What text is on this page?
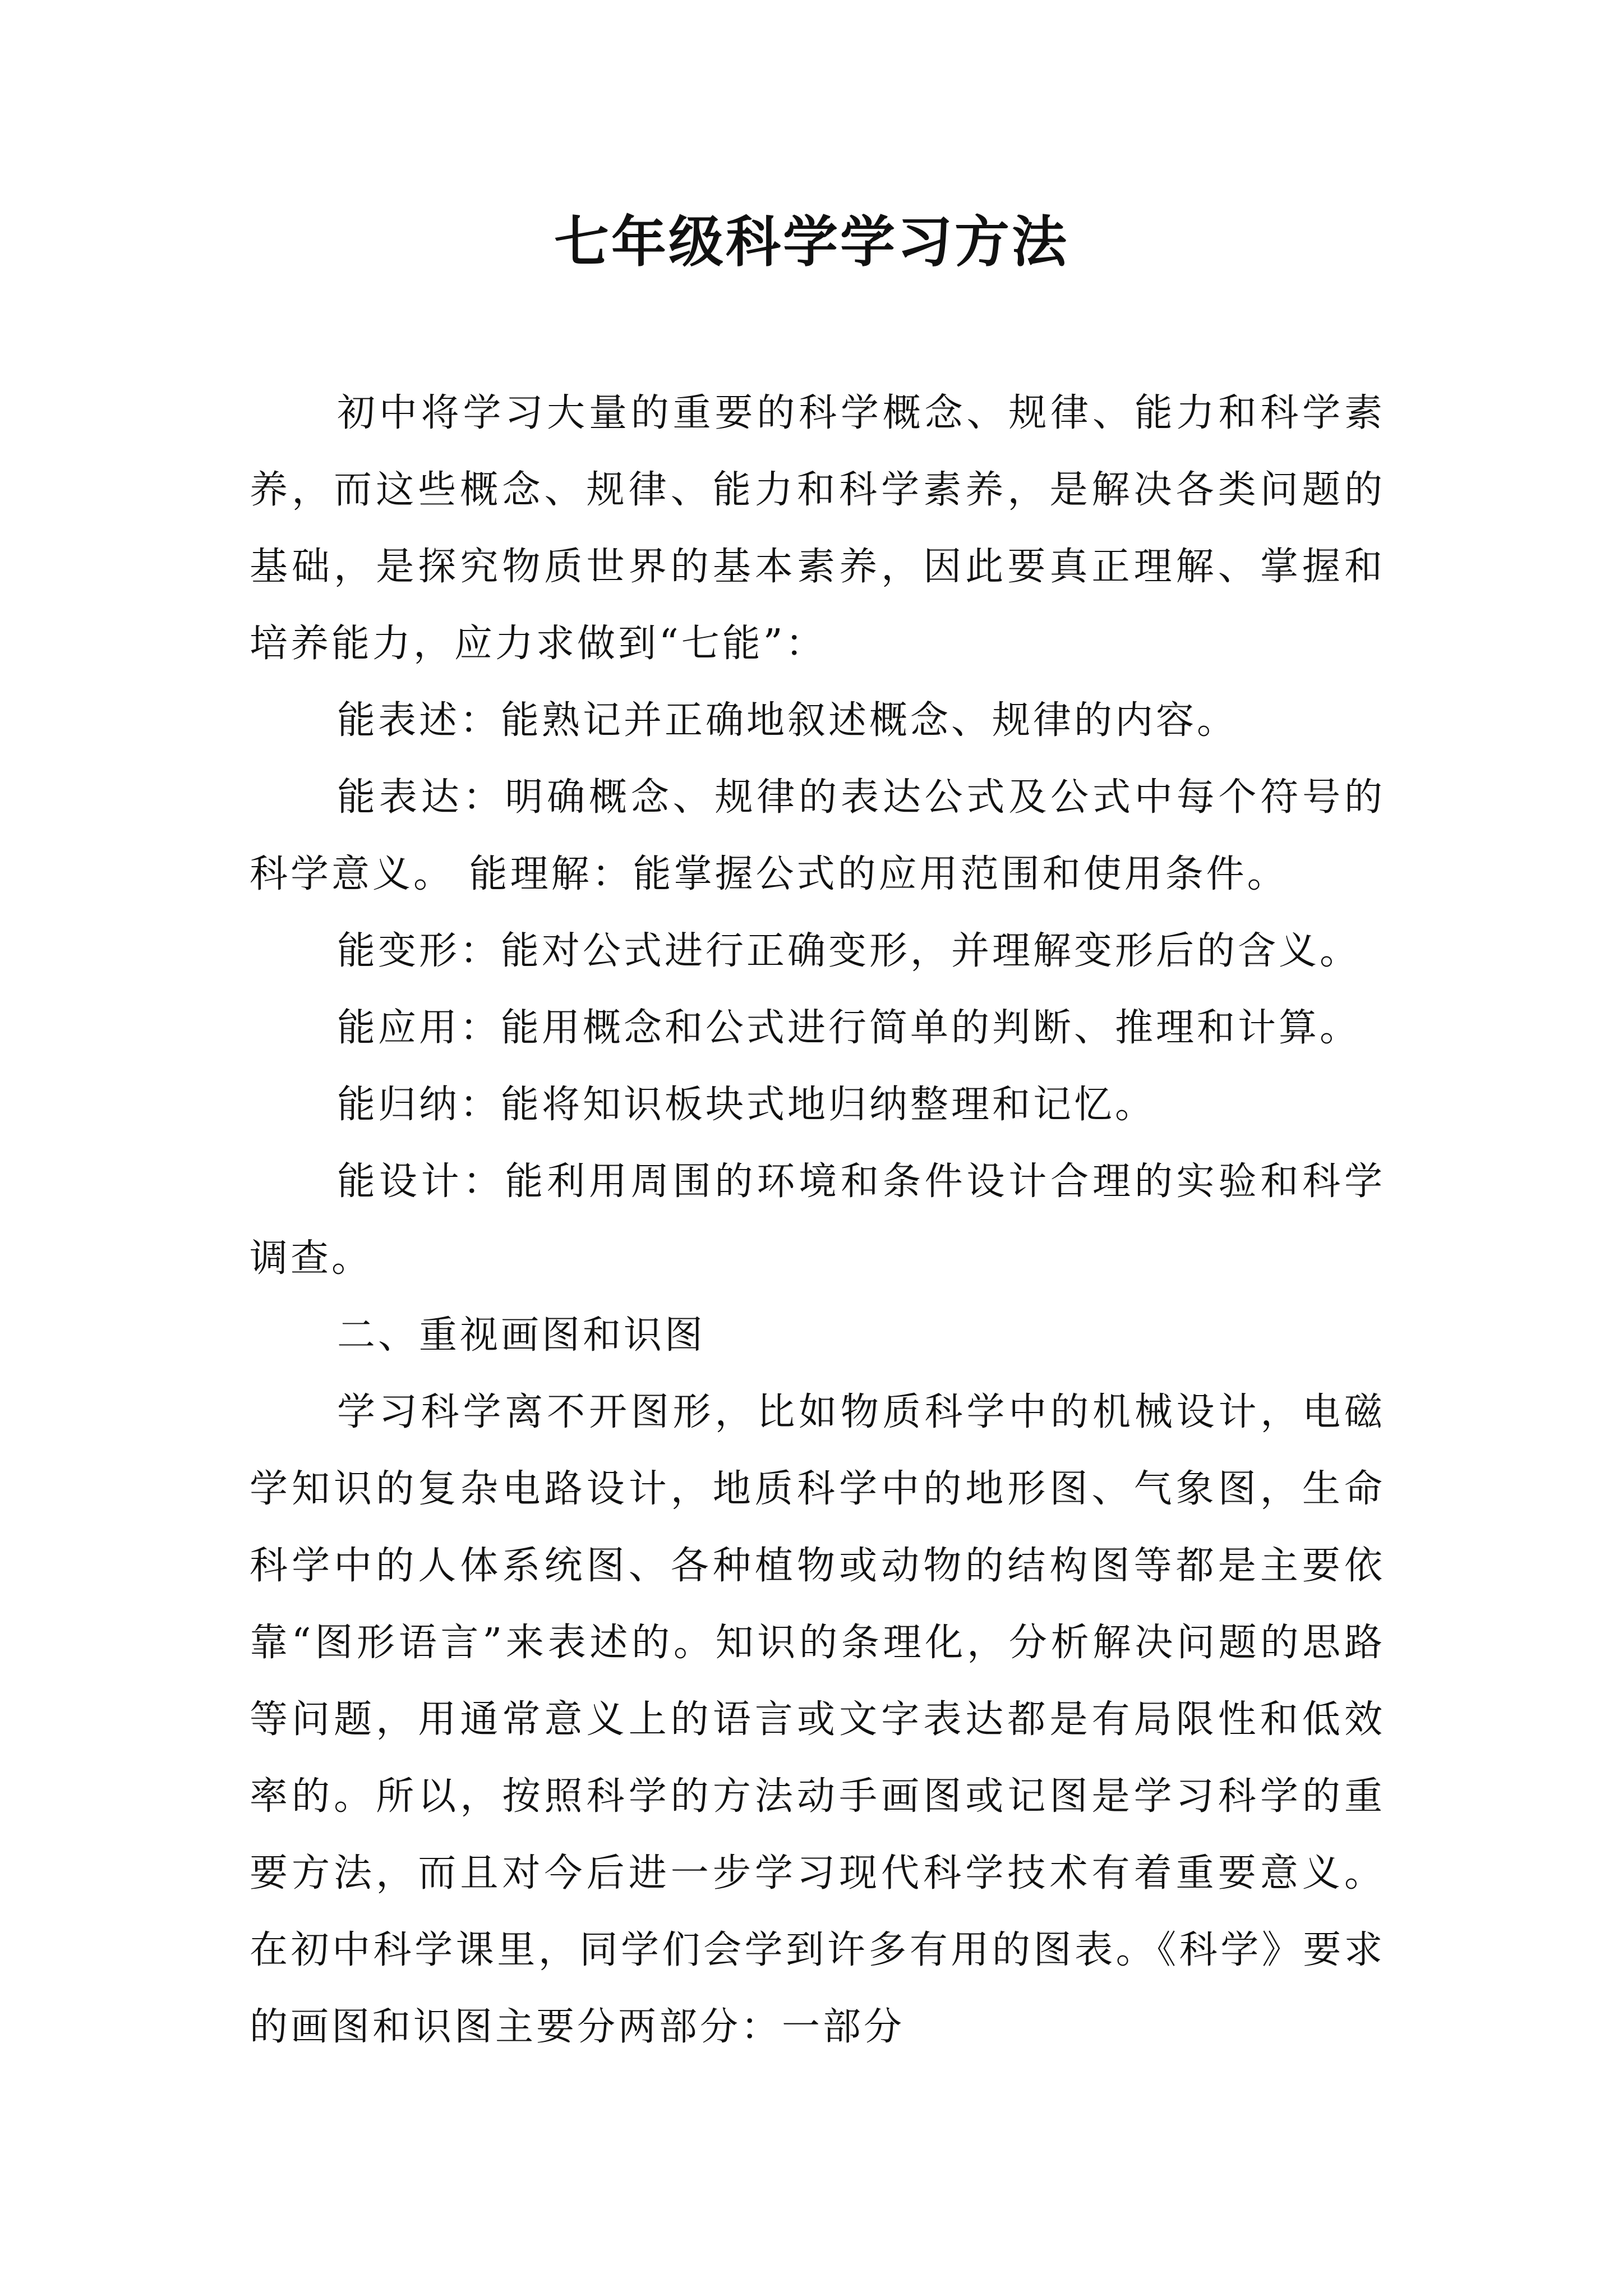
七年级科学学习方法

初中将学习大量的重要的科学概念、规律、能力和科学素养，而这些概念、规律、能力和科学素养，是解决各类问题的基础，是探究物质世界的基本素养，因此要真正理解、掌握和培养能力，应力求做到“七能”：

能表述：能熟记并正确地叙述概念、规律的内容。

能表达：明确概念、规律的表达公式及公式中每个符号的科学意义。 能理解：能掌握公式的应用范围和使用条件。

能变形：能对公式进行正确变形，并理解变形后的含义。

能应用：能用概念和公式进行简单的判断、推理和计算。

能归纳：能将知识板块式地归纳整理和记忆。

能设计：能利用周围的环境和条件设计合理的实验和科学调查。

二、重视画图和识图

学习科学离不开图形，比如物质科学中的机械设计，电磁学知识的复杂电路设计，地质科学中的地形图、气象图，生命科学中的人体系统图、各种植物或动物的结构图等都是主要依靠“图形语言”来表述的。知识的条理化，分析解决问题的思路等问题，用通常意义上的语言或文字表达都是有局限性和低效率的。所以，按照科学的方法动手画图或记图是学习科学的重要方法，而且对今后进一步学习现代科学技术有着重要意义。在初中科学课里，同学们会学到许多有用的图表。《科学》要求的画图和识图主要分两部分：一部分
